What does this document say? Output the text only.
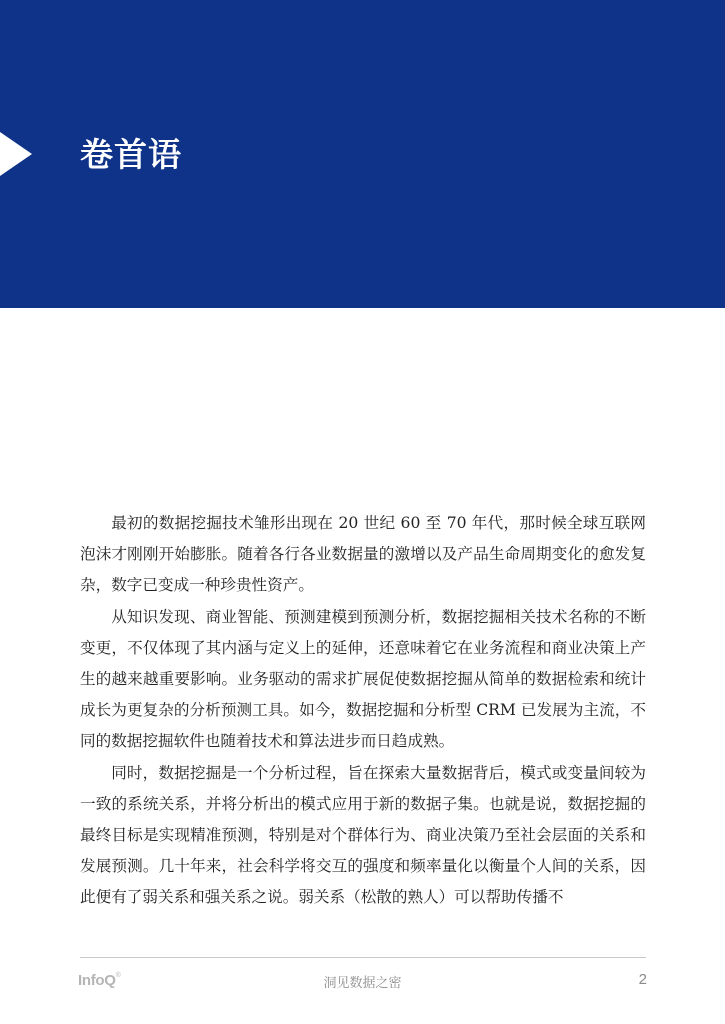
卷首语

最初的数据挖掘技术雏形出现在 20 世纪 60 至 70 年代，那时候全球互联网泡沫才刚刚开始膨胀。随着各行各业数据量的激增以及产品生命周期变化的愈发复杂，数字已变成一种珍贵性资产。

从知识发现、商业智能、预测建模到预测分析，数据挖掘相关技术名称的不断变更，不仅体现了其内涵与定义上的延伸，还意味着它在业务流程和商业决策上产生的越来越重要影响。业务驱动的需求扩展促使数据挖掘从简单的数据检索和统计成长为更复杂的分析预测工具。如今，数据挖掘和分析型 CRM 已发展为主流，不同的数据挖掘软件也随着技术和算法进步而日趋成熟。

同时，数据挖掘是一个分析过程，旨在探索大量数据背后，模式或变量间较为一致的系统关系，并将分析出的模式应用于新的数据子集。也就是说，数据挖掘的最终目标是实现精准预测，特别是对个群体行为、商业决策乃至社会层面的关系和发展预测。几十年来，社会科学将交互的强度和频率量化以衡量个人间的关系，因此便有了弱关系和强关系之说。弱关系（松散的熟人）可以帮助传播不

InfoQ®
洞见数据之密	2
